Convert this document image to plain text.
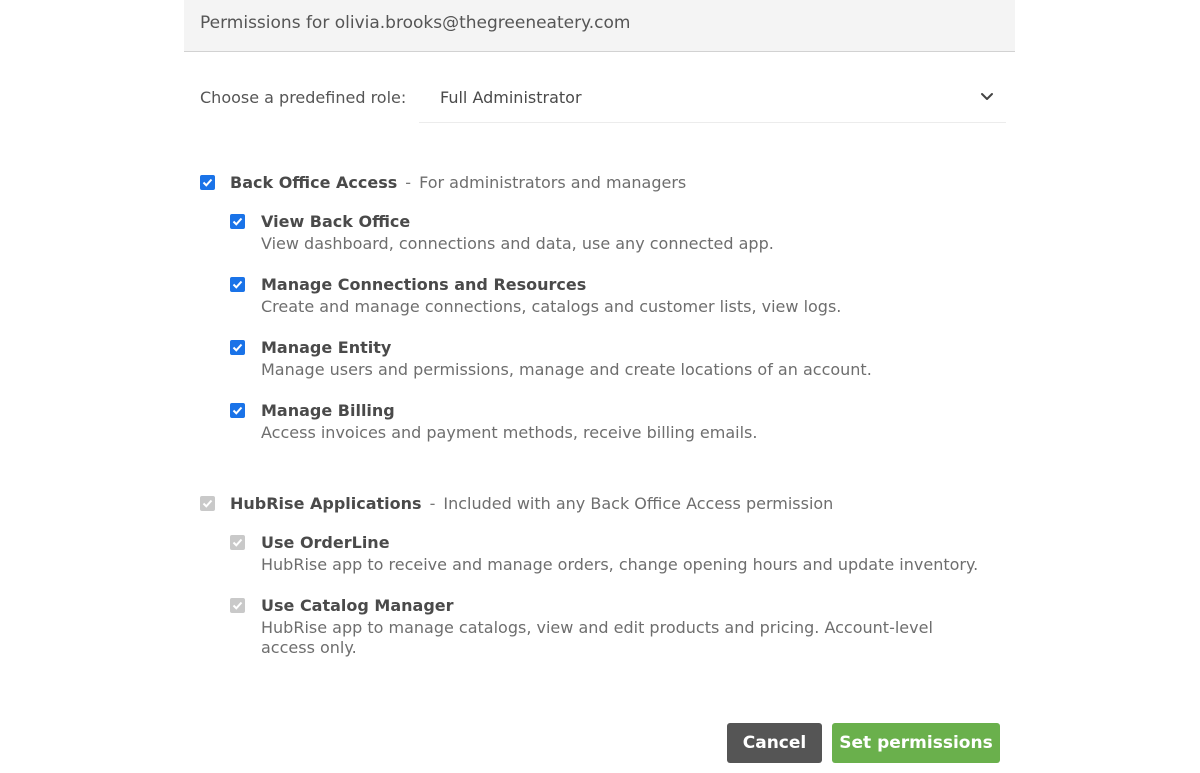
Permissions for olivia.brooks@thegreeneatery.com
Choose a predefined role: Full Administrator
Back Office Access - For administrators and managers
View Back Office
View dashboard, connections and data, use any connected app.
Manage Connections and Resources
Create and manage connections, catalogs and customer lists, view logs.
Manage Entity
Manage users and permissions, manage and create locations of an account.
Manage Billing
Access invoices and payment methods, receive billing emails.
HubRise Applications - Included with any Back Office Access permission
Use OrderLine
HubRise app to receive and manage orders, change opening hours and update inventory.
Use Catalog Manager
HubRise app to manage catalogs, view and edit products and pricing. Account-level access only.
Cancel	Set permissions
